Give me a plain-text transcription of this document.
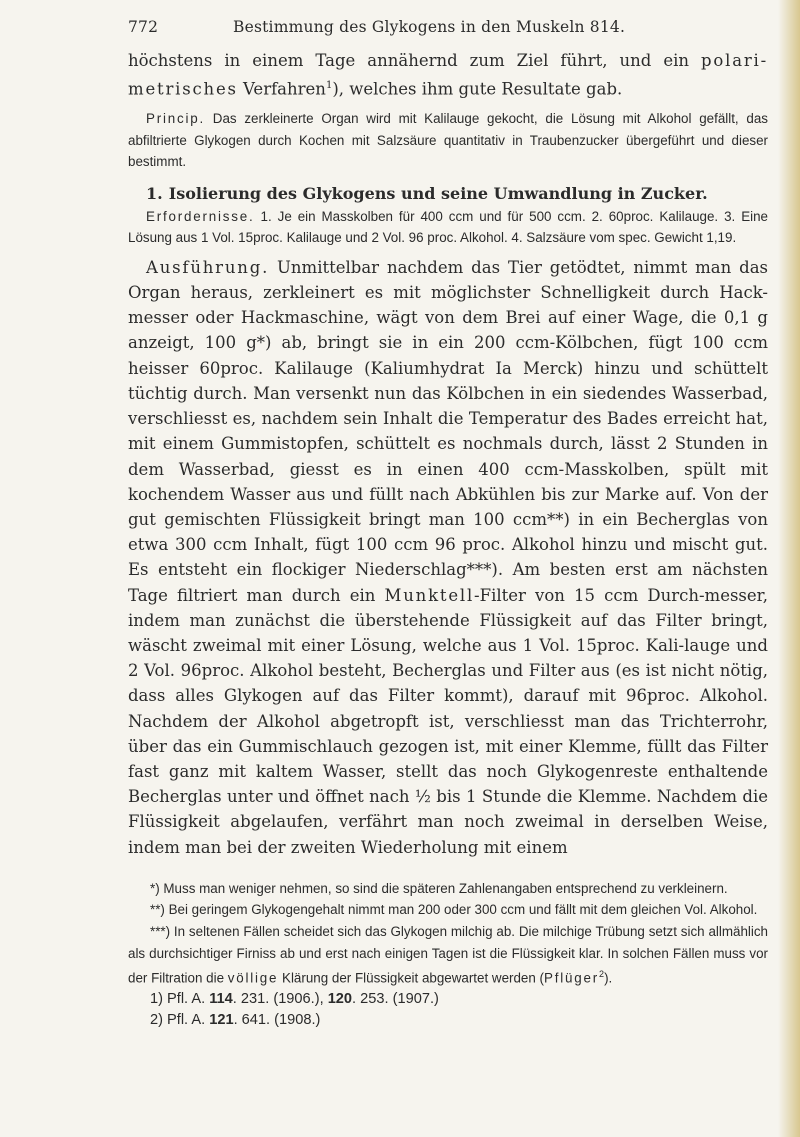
772	Bestimmung des Glykogens in den Muskeln 814.

höchstens in einem Tage annähernd zum Ziel führt, und ein polari-metrisches Verfahren$^1$), welches ihm gute Resultate gab.

Princip. Das zerkleinerte Organ wird mit Kalilauge gekocht, die Lösung mit Alkohol gefällt, das abfiltrierte Glykogen durch Kochen mit Salzsäure quantitativ in Traubenzucker übergeführt und dieser bestimmt.

1. Isolierung des Glykogens und seine Umwandlung in Zucker.

Erfordernisse. 1. Je ein Masskolben für 400 ccm und für 500 ccm. 2. 60proc. Kalilauge. 3. Eine Lösung aus 1 Vol. 15proc. Kalilauge und 2 Vol. 96 proc. Alkohol. 4. Salzsäure vom spec. Gewicht 1,19.

Ausführung. Unmittelbar nachdem das Tier getödtet, nimmt man das Organ heraus, zerkleinert es mit möglichster Schnelligkeit durch Hack-messer oder Hackmaschine, wägt von dem Brei auf einer Wage, die 0,1 g anzeigt, 100 g*) ab, bringt sie in ein 200 ccm-Kölbchen, fügt 100 ccm heisser 60proc. Kalilauge (Kaliumhydrat Ia Merck) hinzu und schüttelt tüchtig durch. Man versenkt nun das Kölbchen in ein siedendes Wasserbad, verschliesst es, nachdem sein Inhalt die Temperatur des Bades erreicht hat, mit einem Gummistopfen, schüttelt es nochmals durch, lässt 2 Stunden in dem Wasserbad, giesst es in einen 400 ccm-Masskolben, spült mit kochendem Wasser aus und füllt nach Abkühlen bis zur Marke auf. Von der gut gemischten Flüssigkeit bringt man 100 ccm**) in ein Becherglas von etwa 300 ccm Inhalt, fügt 100 ccm 96 proc. Alkohol hinzu und mischt gut. Es entsteht ein flockiger Niederschlag***). Am besten erst am nächsten Tage filtriert man durch ein Munktell-Filter von 15 ccm Durch-messer, indem man zunächst die überstehende Flüssigkeit auf das Filter bringt, wäscht zweimal mit einer Lösung, welche aus 1 Vol. 15proc. Kali-lauge und 2 Vol. 96proc. Alkohol besteht, Becherglas und Filter aus (es ist nicht nötig, dass alles Glykogen auf das Filter kommt), darauf mit 96proc. Alkohol. Nachdem der Alkohol abgetropft ist, verschliesst man das Trichterrohr, über das ein Gummischlauch gezogen ist, mit einer Klemme, füllt das Filter fast ganz mit kaltem Wasser, stellt das noch Glykogenreste enthaltende Becherglas unter und öffnet nach ½ bis 1 Stunde die Klemme. Nachdem die Flüssigkeit abgelaufen, verfährt man noch zweimal in derselben Weise, indem man bei der zweiten Wiederholung mit einem

*) Muss man weniger nehmen, so sind die späteren Zahlenangaben entsprechend zu verkleinern.

**) Bei geringem Glykogengehalt nimmt man 200 oder 300 ccm und fällt mit dem gleichen Vol. Alkohol.

***) In seltenen Fällen scheidet sich das Glykogen milchig ab. Die milchige Trübung setzt sich allmählich als durchsichtiger Firniss ab und erst nach einigen Tagen ist die Flüssigkeit klar. In solchen Fällen muss vor der Filtration die völlige Klärung der Flüssigkeit abgewartet werden (Pflüger$^2$).

1) Pfl. A. 114. 231. (1906.), 120. 253. (1907.)

2) Pfl. A. 121. 641. (1908.)
